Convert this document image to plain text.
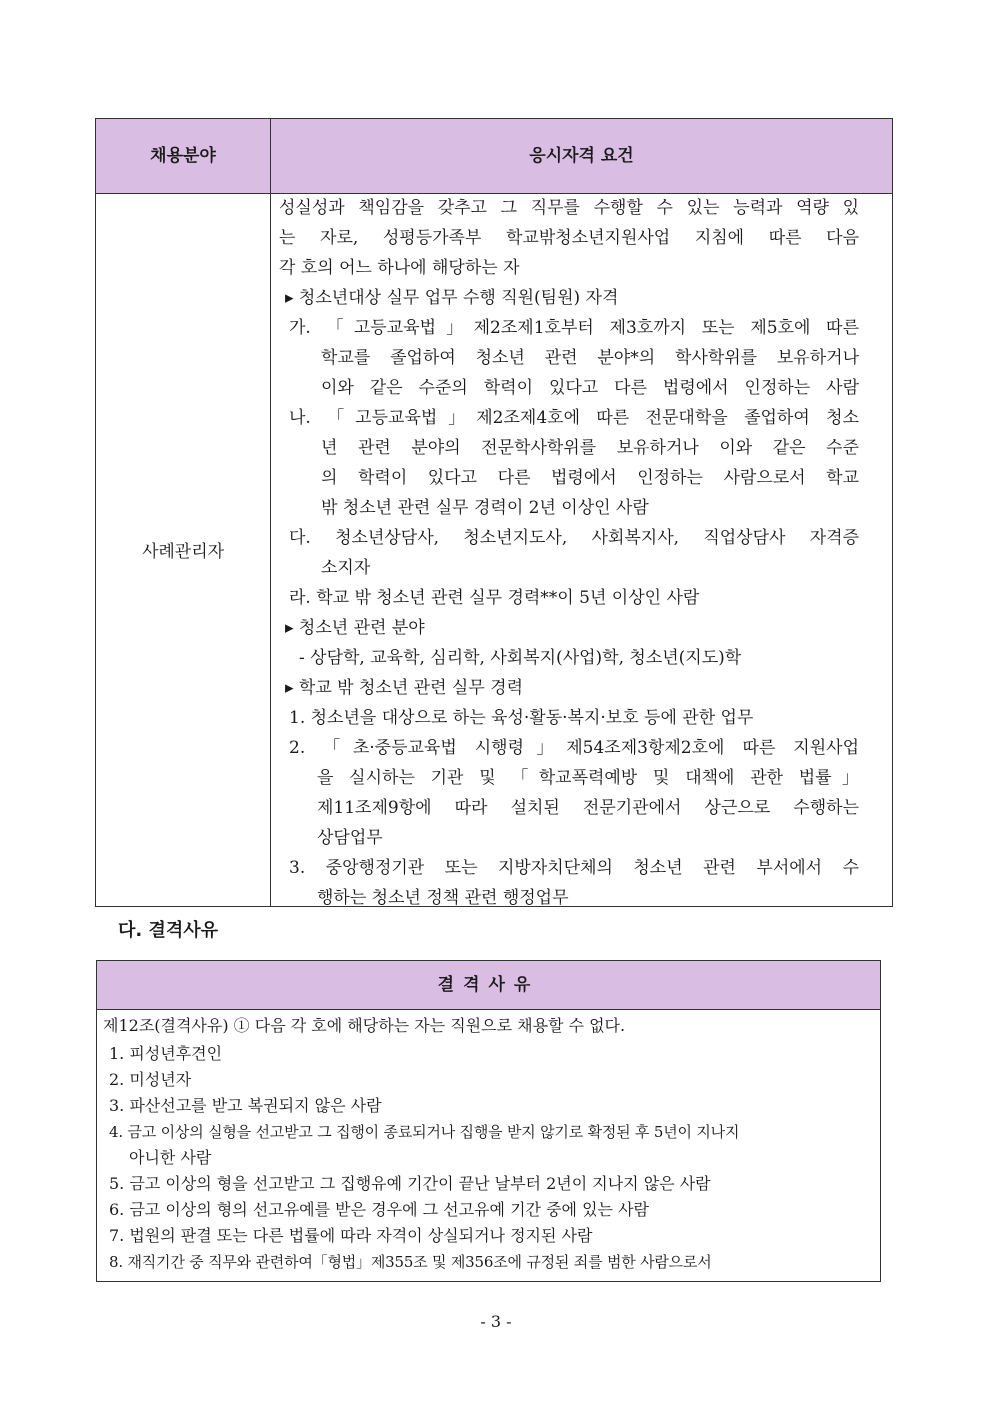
채용분야	응시자격 요건
사례관리자
성실성과 책임감을 갖추고 그 직무를 수행할 수 있는 능력과 역량 있
는 자로, 성평등가족부 학교밖청소년지원사업 지침에 따른 다음
각 호의 어느 하나에 해당하는 자
▸ 청소년대상 실무 업무 수행 직원(팀원) 자격
가. 「고등교육법」제2조제1호부터 제3호까지 또는 제5호에 따른
학교를 졸업하여 청소년 관련 분야*의 학사학위를 보유하거나
이와 같은 수준의 학력이 있다고 다른 법령에서 인정하는 사람
나. 「고등교육법」제2조제4호에 따른 전문대학을 졸업하여 청소
년 관련 분야의 전문학사학위를 보유하거나 이와 같은 수준
의 학력이 있다고 다른 법령에서 인정하는 사람으로서 학교
밖 청소년 관련 실무 경력이 2년 이상인 사람
다. 청소년상담사, 청소년지도사, 사회복지사, 직업상담사 자격증
소지자
라. 학교 밖 청소년 관련 실무 경력**이 5년 이상인 사람
▸ 청소년 관련 분야
- 상담학, 교육학, 심리학, 사회복지(사업)학, 청소년(지도)학
▸ 학교 밖 청소년 관련 실무 경력
1. 청소년을 대상으로 하는 육성·활동·복지·보호 등에 관한 업무
2. 「초·중등교육법 시행령」제54조제3항제2호에 따른 지원사업
을 실시하는 기관 및 「학교폭력예방 및 대책에 관한 법률」
제11조제9항에 따라 설치된 전문기관에서 상근으로 수행하는
상담업무
3. 중앙행정기관 또는 지방자치단체의 청소년 관련 부서에서 수
행하는 청소년 정책 관련 행정업무
다. 결격사유
결격사유
제12조(결격사유) ① 다음 각 호에 해당하는 자는 직원으로 채용할 수 없다.
1. 피성년후견인
2. 미성년자
3. 파산선고를 받고 복권되지 않은 사람
4. 금고 이상의 실형을 선고받고 그 집행이 종료되거나 집행을 받지 않기로 확정된 후 5년이 지나지
아니한 사람
5. 금고 이상의 형을 선고받고 그 집행유예 기간이 끝난 날부터 2년이 지나지 않은 사람
6. 금고 이상의 형의 선고유예를 받은 경우에 그 선고유예 기간 중에 있는 사람
7. 법원의 판결 또는 다른 법률에 따라 자격이 상실되거나 정지된 사람
8. 재직기간 중 직무와 관련하여「형법」제355조 및 제356조에 규정된 죄를 범한 사람으로서
- 3 -
